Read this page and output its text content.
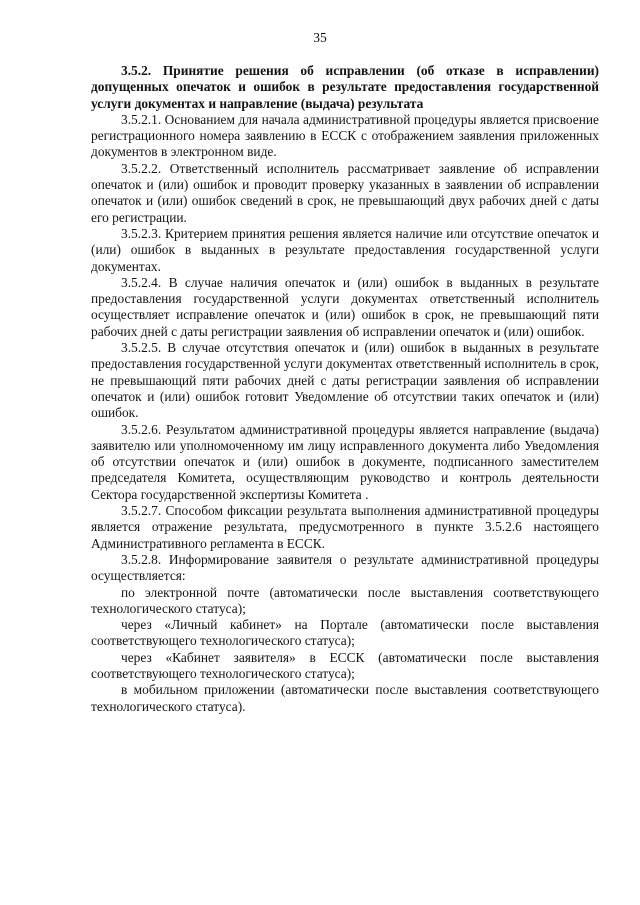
35

3.5.2. Принятие решения об исправлении (об отказе в исправлении) допущенных опечаток и ошибок в результате предоставления государственной услуги документах и направление (выдача) результата

3.5.2.1. Основанием для начала административной процедуры является присвоение регистрационного номера заявлению в ЕССК с отображением заявления приложенных документов в электронном виде.

3.5.2.2. Ответственный исполнитель рассматривает заявление об исправлении опечаток и (или) ошибок и проводит проверку указанных в заявлении об исправлении опечаток и (или) ошибок сведений в срок, не превышающий двух рабочих дней с даты его регистрации.

3.5.2.3. Критерием принятия решения является наличие или отсутствие опечаток и (или) ошибок в выданных в результате предоставления государственной услуги документах.

3.5.2.4. В случае наличия опечаток и (или) ошибок в выданных в результате предоставления государственной услуги документах ответственный исполнитель осуществляет исправление опечаток и (или) ошибок в срок, не превышающий пяти рабочих дней с даты регистрации заявления об исправлении опечаток и (или) ошибок.

3.5.2.5. В случае отсутствия опечаток и (или) ошибок в выданных в результате предоставления государственной услуги документах ответственный исполнитель в срок, не превышающий пяти рабочих дней с даты регистрации заявления об исправлении опечаток и (или) ошибок готовит Уведомление об отсутствии таких опечаток и (или) ошибок.

3.5.2.6. Результатом административной процедуры является направление (выдача) заявителю или уполномоченному им лицу исправленного документа либо Уведомления об отсутствии опечаток и (или) ошибок в документе, подписанного заместителем председателя Комитета, осуществляющим руководство и контроль деятельности Сектора государственной экспертизы Комитета .

3.5.2.7. Способом фиксации результата выполнения административной процедуры является отражение результата, предусмотренного в пункте 3.5.2.6 настоящего Административного регламента в ЕССК.

3.5.2.8. Информирование заявителя о результате административной процедуры осуществляется:

по электронной почте (автоматически после выставления соответствующего технологического статуса);

через «Личный кабинет» на Портале (автоматически после выставления соответствующего технологического статуса);

через «Кабинет заявителя» в ЕССК (автоматически после выставления соответствующего технологического статуса);

в мобильном приложении (автоматически после выставления соответствующего технологического статуса).
